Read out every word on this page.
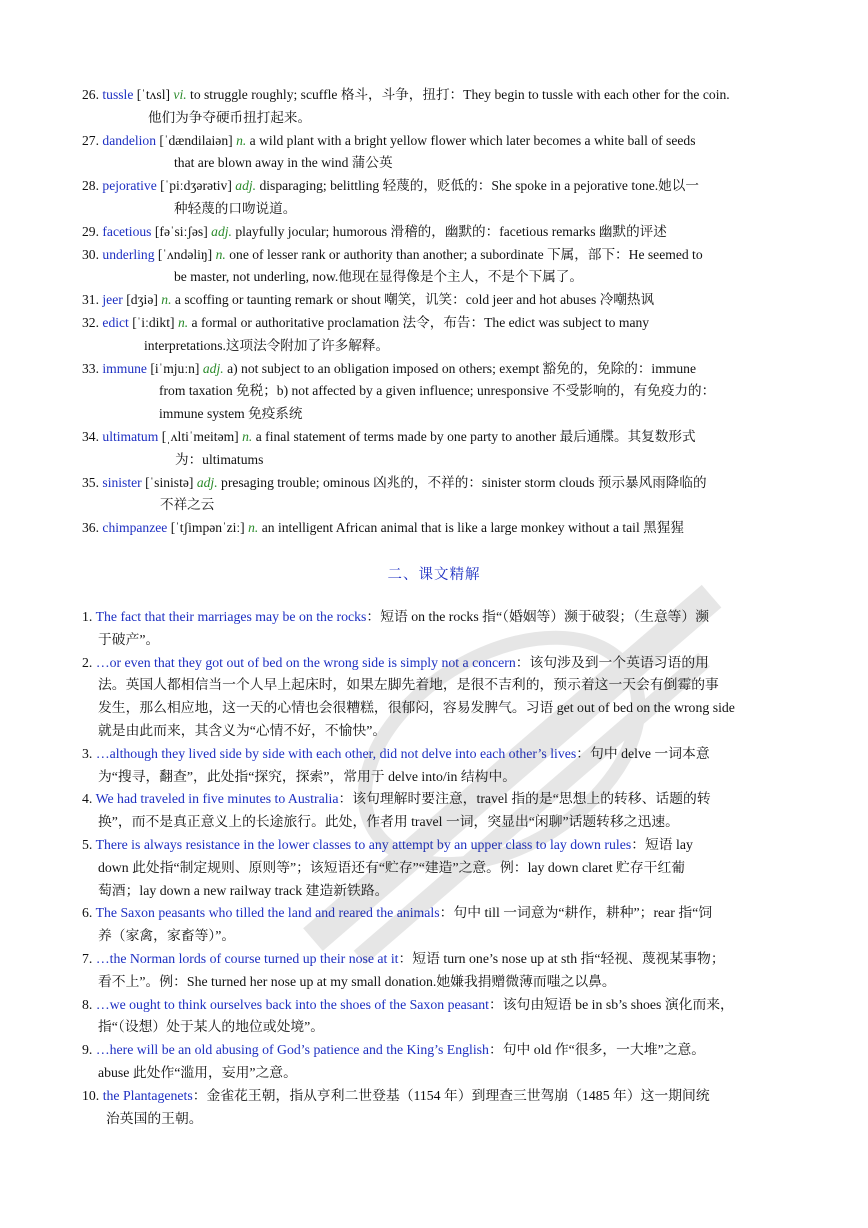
26. tussle [ˈtʌsl] vi. to struggle roughly; scuffle 格斗，斗争，扭打：They begin to tussle with each other for the coin.
他们为争夺硬币扭打起来。

27. dandelion [ˈdændilaiən] n. a wild plant with a bright yellow flower which later becomes a white ball of seeds
that are blown away in the wind 蒲公英

28. pejorative [ˈpiːdʒərətiv] adj. disparaging; belittling 轻蔑的，贬低的：She spoke in a pejorative tone.她以一
种轻蔑的口吻说道。

29. facetious [fəˈsiːʃəs] adj. playfully jocular; humorous 滑稽的，幽默的：facetious remarks 幽默的评述

30. underling [ˈʌndəliŋ] n. one of lesser rank or authority than another; a subordinate 下属，部下：He seemed to
be master, not underling, now.他现在显得像是个主人，不是个下属了。

31. jeer [dʒiə] n. a scoffing or taunting remark or shout 嘲笑，讥笑：cold jeer and hot abuses 冷嘲热讽

32. edict [ˈiːdikt] n. a formal or authoritative proclamation 法令，布告：The edict was subject to many
interpretations.这项法令附加了许多解释。

33. immune [iˈmjuːn] adj. a) not subject to an obligation imposed on others; exempt 豁免的，免除的：immune
from taxation 免税；b) not affected by a given influence; unresponsive 不受影响的，有免疫力的：
immune system 免疫系统

34. ultimatum [ˌʌltiˈmeitəm] n. a final statement of terms made by one party to another 最后通牒。其复数形式
为：ultimatums

35. sinister [ˈsinistə] adj. presaging trouble; ominous 凶兆的，不祥的：sinister storm clouds 预示暴风雨降临的
不祥之云

36. chimpanzee [ˈtʃimpənˈziː] n. an intelligent African animal that is like a large monkey without a tail 黑猩猩

二、课文精解

1. The fact that their marriages may be on the rocks：短语 on the rocks 指“（婚姻等）濒于破裂；（生意等）濒
于破产”。

2. …or even that they got out of bed on the wrong side is simply not a concern：该句涉及到一个英语习语的用
法。英国人都相信当一个人早上起床时，如果左脚先着地，是很不吉利的，预示着这一天会有倒霉的事
发生，那么相应地，这一天的心情也会很糟糕，很郁闷，容易发脾气。习语 get out of bed on the wrong side
就是由此而来，其含义为“心情不好，不愉快”。

3. …although they lived side by side with each other, did not delve into each other’s lives：句中 delve 一词本意
为“搜寻，翻查”，此处指“探究，探索”，常用于 delve into/in 结构中。

4. We had traveled in five minutes to Australia：该句理解时要注意，travel 指的是“思想上的转移、话题的转
换”，而不是真正意义上的长途旅行。此处，作者用 travel 一词，突显出“闲聊”话题转移之迅速。

5. There is always resistance in the lower classes to any attempt by an upper class to lay down rules：短语 lay
down 此处指“制定规则、原则等”；该短语还有“贮存”“建造”之意。例：lay down claret 贮存干红葡
萄酒；lay down a new railway track 建造新铁路。

6. The Saxon peasants who tilled the land and reared the animals：句中 till 一词意为“耕作，耕种”；rear 指“饲
养（家禽，家畜等）”。

7. …the Norman lords of course turned up their nose at it：短语 turn one’s nose up at sth 指“轻视、蔑视某事物；
看不上”。例：She turned her nose up at my small donation.她嫌我捐赠微薄而嗤之以鼻。

8. …we ought to think ourselves back into the shoes of the Saxon peasant：该句由短语 be in sb’s shoes 演化而来，
指“（设想）处于某人的地位或处境”。

9. …here will be an old abusing of God’s patience and the King’s English：句中 old 作“很多，一大堆”之意。
abuse 此处作“滥用，妄用”之意。

10. the Plantagenets：金雀花王朝，指从亨利二世登基（1154 年）到理查三世驾崩（1485 年）这一期间统
治英国的王朝。
